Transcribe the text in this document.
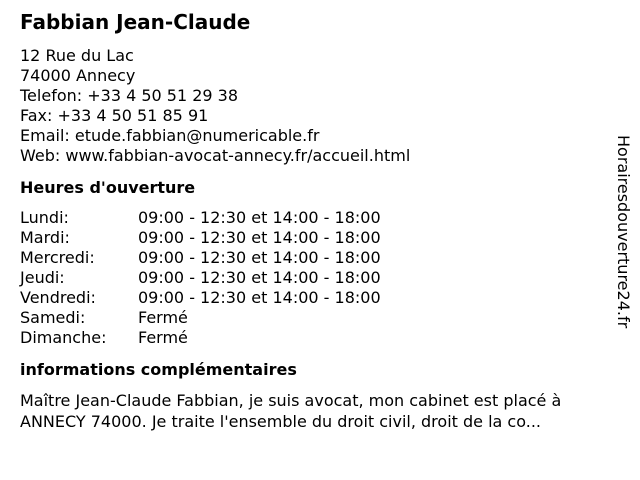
Fabbian Jean-Claude
12 Rue du Lac
74000 Annecy
Telefon: +33 4 50 51 29 38
Fax: +33 4 50 51 85 91
Email: etude.fabbian@numericable.fr
Web: www.fabbian-avocat-annecy.fr/accueil.html
Heures d'ouverture
Lundi:	09:00 - 12:30 et 14:00 - 18:00
Mardi:	09:00 - 12:30 et 14:00 - 18:00
Mercredi:	09:00 - 12:30 et 14:00 - 18:00
Jeudi:	09:00 - 12:30 et 14:00 - 18:00
Vendredi:	09:00 - 12:30 et 14:00 - 18:00
Samedi:	Fermé
Dimanche:	Fermé
informations complémentaires
Maître Jean-Claude Fabbian, je suis avocat, mon cabinet est placé à ANNECY 74000. Je traite l'ensemble du droit civil, droit de la co...
Horairesdouverture24.fr
